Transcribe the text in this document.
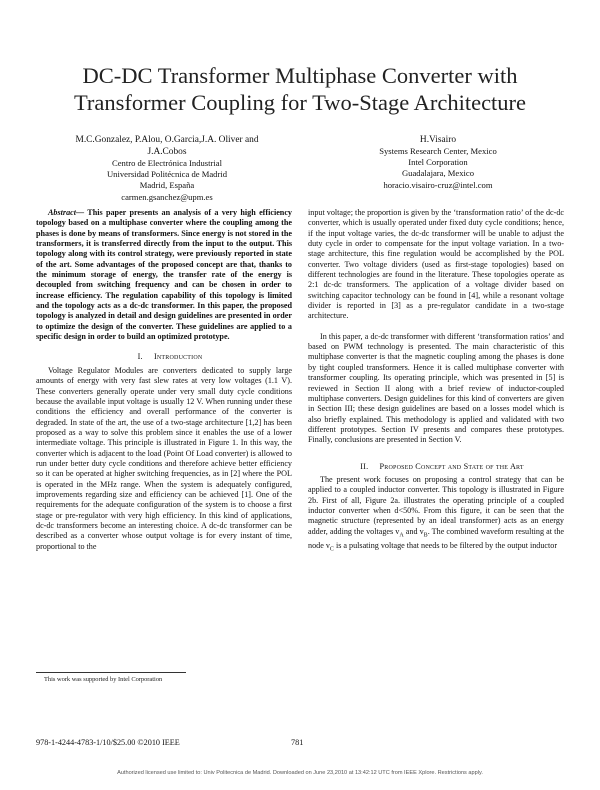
DC-DC Transformer Multiphase Converter with
Transformer Coupling for Two-Stage Architecture
M.C.Gonzalez, P.Alou, O.Garcia,J.A. Oliver and
J.A.Cobos
Centro de Electrónica Industrial
Universidad Politécnica de Madrid
Madrid, España
carmen.gsanchez@upm.es
H.Visairo
Systems Research Center, Mexico
Intel Corporation
Guadalajara, Mexico
horacio.visairo-cruz@intel.com

Abstract— This paper presents an analysis of a very high efficiency topology based on a multiphase converter where the coupling among the phases is done by means of transformers. Since energy is not stored in the transformers, it is transferred directly from the input to the output. This topology along with its control strategy, were previously reported in state of the art. Some advantages of the proposed concept are that, thanks to the minimum storage of energy, the transfer rate of the energy is decoupled from switching frequency and can be chosen in order to increase efficiency. The regulation capability of this topology is limited and the topology acts as a dc-dc transformer. In this paper, the proposed topology is analyzed in detail and design guidelines are presented in order to optimize the design of the converter. These guidelines are applied to a specific design in order to build an optimized prototype.

I.     Introduction

Voltage Regulator Modules are converters dedicated to supply large amounts of energy with very fast slew rates at very low voltages (1.1 V). These converters generally operate under very small duty cycle conditions because the available input voltage is usually 12 V. When running under these conditions the efficiency and overall performance of the converter is degraded. In state of the art, the use of a two-stage architecture [1,2] has been proposed as a way to solve this problem since it enables the use of a lower intermediate voltage. This principle is illustrated in Figure 1. In this way, the converter which is adjacent to the load (Point Of Load converter) is allowed to run under better duty cycle conditions and therefore achieve better efficiency so it can be operated at higher switching frequencies, as in [2] where the POL is operated in the MHz range. When the system is adequately configured, improvements regarding size and efficiency can be achieved [1]. One of the requirements for the adequate configuration of the system is to choose a first stage or pre-regulator with very high efficiency. In this kind of applications, dc-dc transformers become an interesting choice. A dc-dc transformer can be described as a converter whose output voltage is for every instant of time, proportional to the

input voltage; the proportion is given by the ‘transformation ratio’ of the dc-dc converter, which is usually operated under fixed duty cycle conditions; hence, if the input voltage varies, the dc-dc transformer will be unable to adjust the duty cycle in order to compensate for the input voltage variation. In a two-stage architecture, this fine regulation would be accomplished by the POL converter. Two voltage dividers (used as first-stage topologies) based on different technologies are found in the literature. These topologies operate as 2:1 dc-dc transformers. The application of a voltage divider based on switching capacitor technology can be found in [4], while a resonant voltage divider is reported in [3] as a pre-regulator candidate in a two-stage architecture.

In this paper, a dc-dc transformer with different ‘transformation ratios’ and based on PWM technology is presented. The main characteristic of this multiphase converter is that the magnetic coupling among the phases is done by tight coupled transformers. Hence it is called multiphase converter with transformer coupling. Its operating principle, which was presented in [5] is reviewed in Section II along with a brief review of inductor-coupled multiphase converters. Design guidelines for this kind of converters are given in Section III; these design guidelines are based on a losses model which is also briefly explained. This methodology is applied and validated with two different prototypes. Section IV presents and compares these prototypes. Finally, conclusions are presented in Section V.

II.     Proposed Concept and State of the Art

The present work focuses on proposing a control strategy that can be applied to a coupled inductor converter. This topology is illustrated in Figure 2b. First of all, Figure 2a. illustrates the operating principle of a coupled inductor converter when d<50%. From this figure, it can be seen that the magnetic structure (represented by an ideal transformer) acts as an energy adder, adding the voltages $v_A$ and $v_B$. The combined waveform resulting at the node $v_C$ is a pulsating voltage that needs to be filtered by the output inductor

This work was supported by Intel Corporation
978-1-4244-4783-1/10/$25.00 ©2010 IEEE	781
Authorized licensed use limited to: Univ Politecnica de Madrid. Downloaded on June 23,2010 at 13:42:12 UTC from IEEE Xplore. Restrictions apply.
